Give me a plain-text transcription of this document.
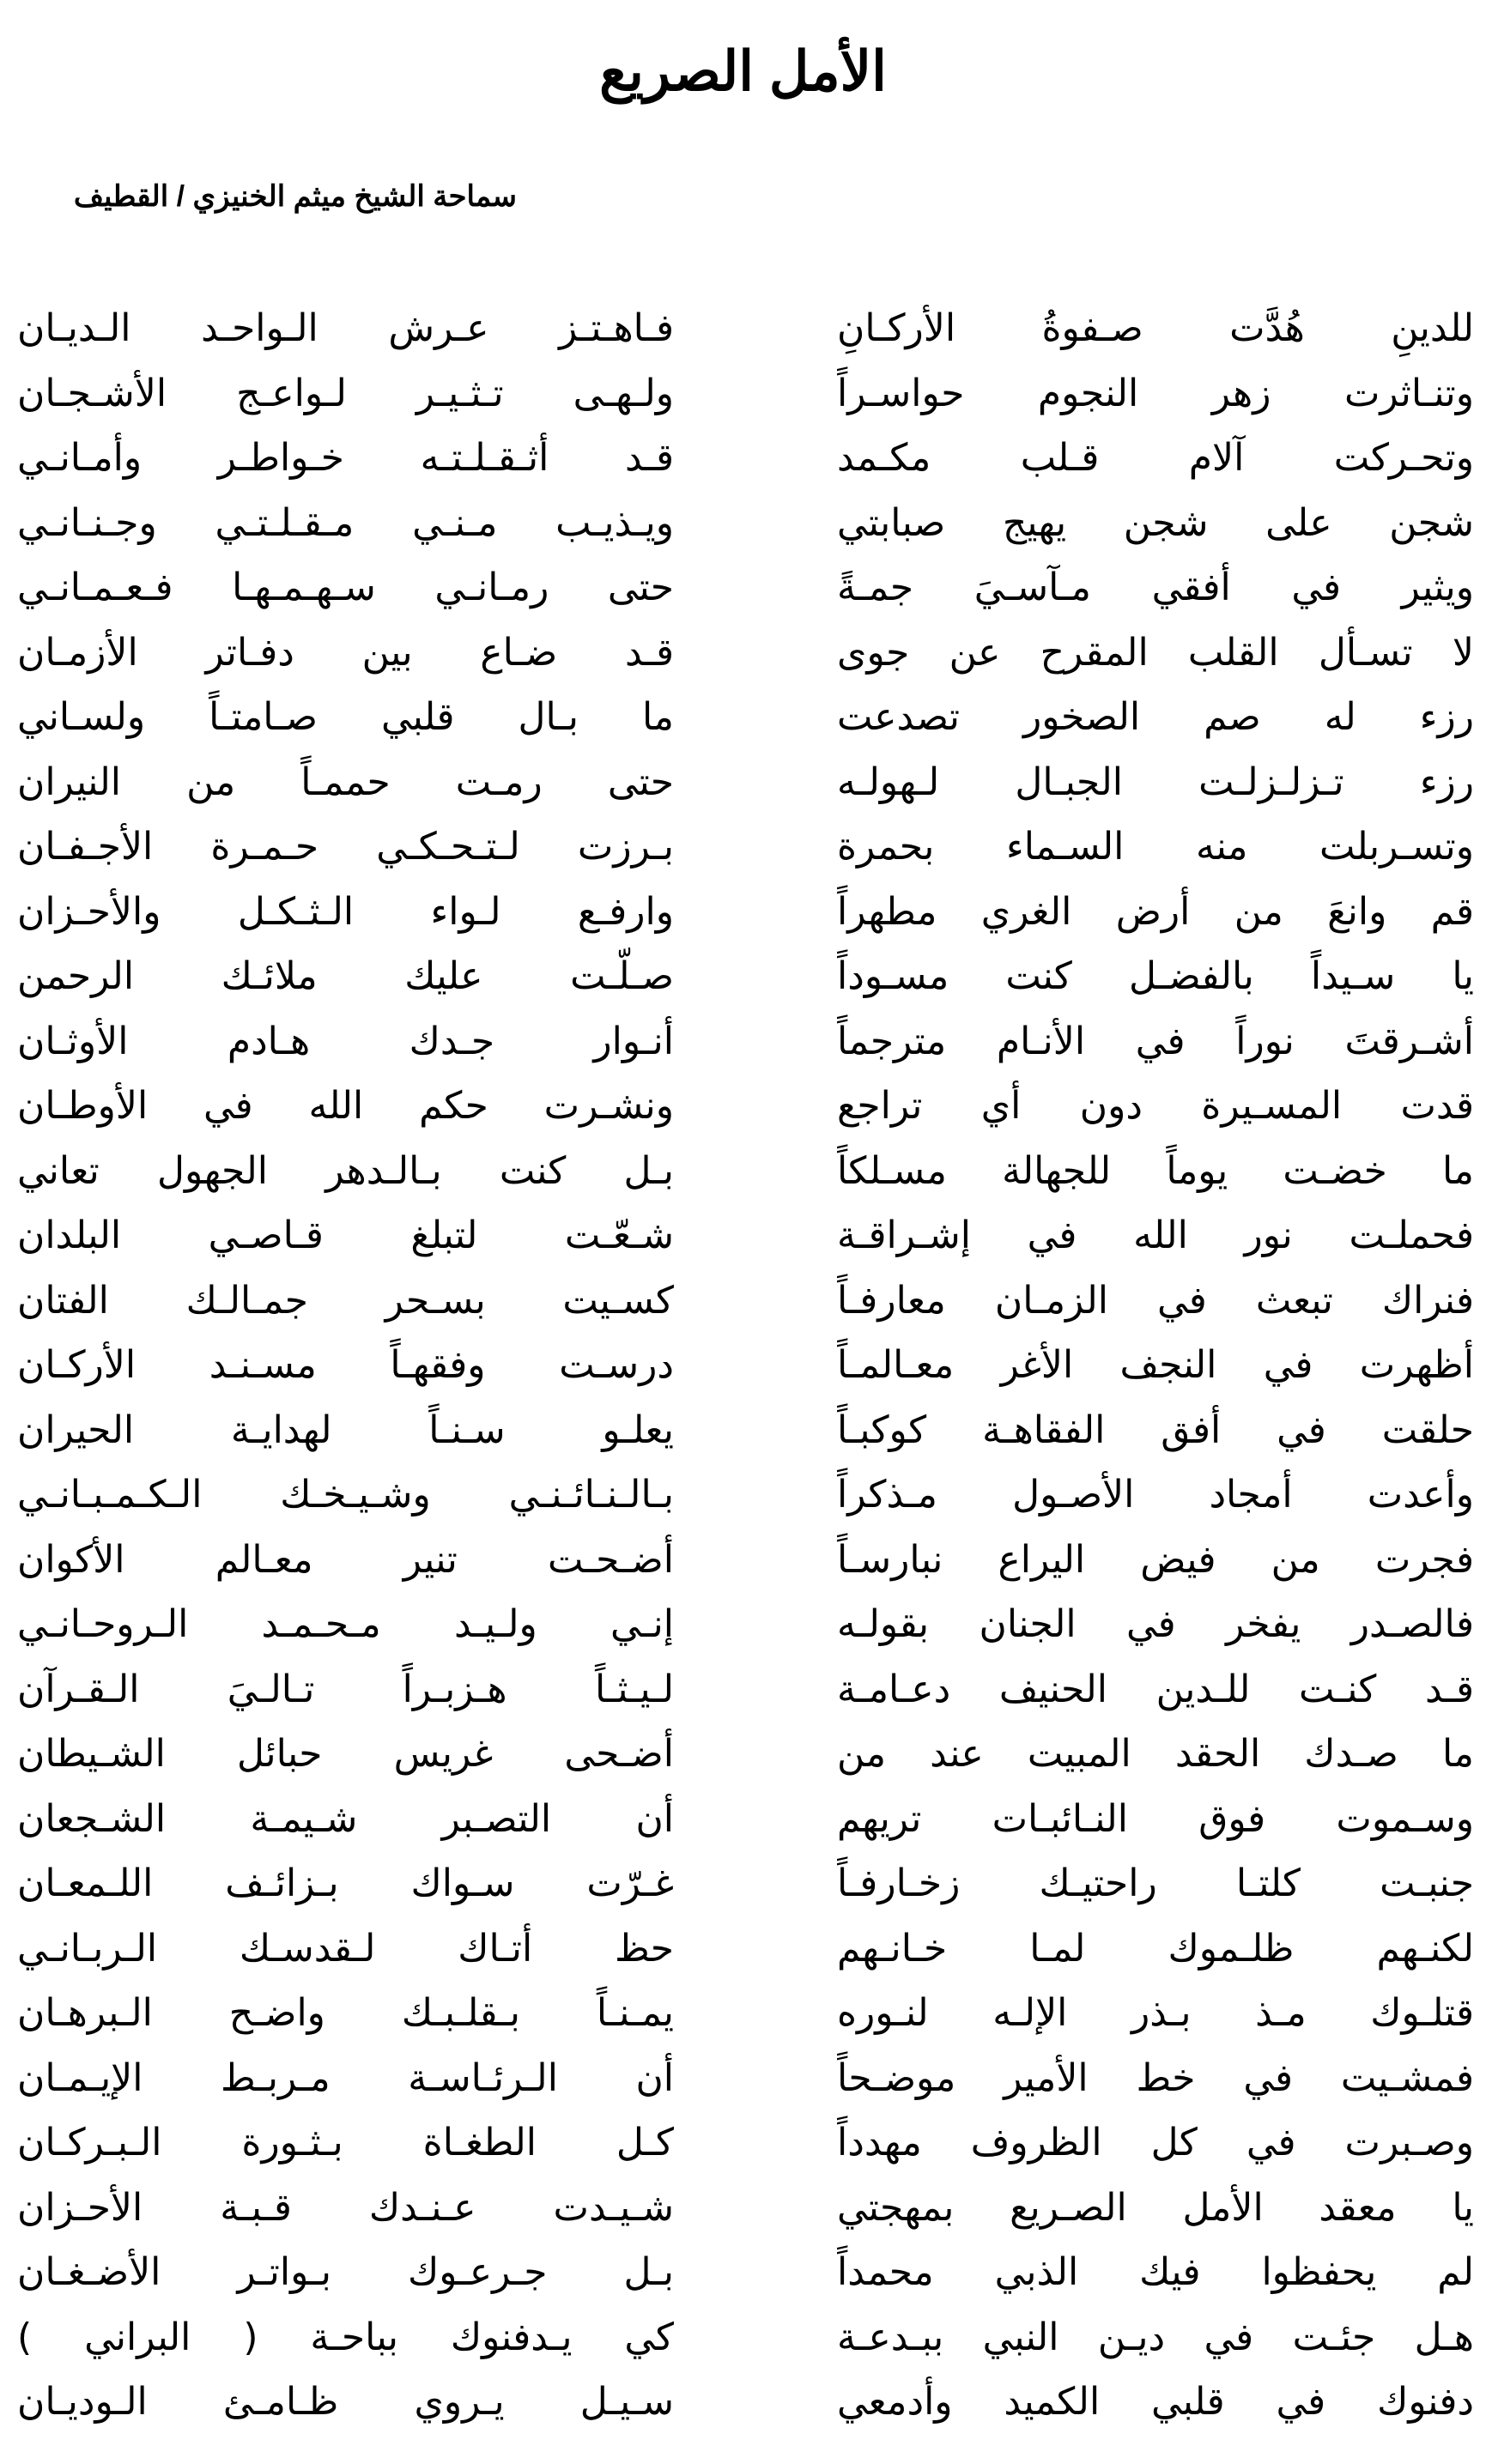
الأمل الصريع
سماحة الشيخ ميثم الخنيزي / القطيف
للدينِ هُدَّت صـفوةُ الأركـانِ
وتنـاثرت زهر النجوم حواسـراً
وتحـركت آلام قـلب مكـمد
شجن على شجن يهيج صبابتي
ويثير في أفقي مـآسـيَ جمـةً
لا تسـأل القلب المقرح عن جوى
رزء له صم الصخور تصدعت
رزء تـزلـزلـت الجبـال لـهولـه
وتسـربلت منه السـماء بحمرة
قم وانعَ من أرض الغري مطهراً
يا سـيداً بالفضـل كنت مسـوداً
أشـرقتَ نوراً في الأنـام مترجماً
قدت المسـيرة دون أي تراجع
ما خضـت يوماً للجهالة مسـلكاً
فحملـت نور الله في إشـراقـة
فنراك تبعث في الزمـان معارفـاً
أظهرت في النجف الأغر معـالمـاً
حلقت في أفق الفقاهـة كوكبـاً
وأعدت أمجاد الأصـول مـذكراً
فجرت من فيض اليراع نبارسـاً
فالصـدر يفخر في الجنان بقولـه
قـد كنـت للـدين الحنيف دعـامـة
ما صـدك الحقد المبيت عند من
وسـموت فوق النـائبـات تريهم
جنبـت كلتـا راحتيـك زخـارفـاً
لكنـهم ظلـموك لمـا خـانـهم
قتلـوك مـذ بـذر الإلـه لنـوره
فمشـيت في خط الأمير موضـحاً
وصـبرت في كل الظروف مهدداً
يا معقد الأمل الصـريع بمهجتي
لم يحفظوا فيك الذبي محمداً
هـل جئـت في ديـن النبي ببـدعـة
دفنوك في قلبي الكميد وأدمعي
فـاهـتـز عـرش الـواحـد الـديـان
ولـهـى تـثـيـر لـواعـج الأشـجـان
قـد أثـقـلـتـه خـواطـر وأمـانـي
ويـذيـب مـنـي مـقـلـتـي وجـنـانـي
حتى رمـانـي سـهـمـهـا فـعـمـانـي
قـد ضـاع بين دفـاتر الأزمـان
ما بـال قلبي صـامتـاً ولسـاني
حتى رمـت حممـاً من النيران
بـرزت لـتـحـكـي حـمـرة الأجـفـان
وارفـع لـواء الـثـكـل والأحـزان
صـلّـت عليك ملائـك الرحمن
أنـوار جـدك هـادم الأوثـان
ونشـرت حكم الله في الأوطـان
بـل كنت بـالـدهر الجهول تعاني
شـعّـت لتبلغ قـاصـي البلدان
كسـيت بسـحر جمـالـك الفتان
درسـت وفقهـاً مسـنـد الأركـان
يعلـو سـنـاً لهدايـة الحيران
بـالـنـائـنـي وشـيـخـك الـكـمـبـانـي
أضـحـت تنير معـالم الأكوان
إنـي ولـيـد مـحـمـد الـروحـانـي
لـيـثـاً هـزبـراً تـالـيَ الـقـرآن
أضـحى غريس حبائل الشـيطان
أن التصـبر شـيمـة الشـجعان
غـرّت سـواك بـزائـف اللـمعـان
حظ أتـاك لـقدسـك الـربـانـي
يمـنـاً بـقلـبـك واضـح الـبرهـان
أن الـرئـاسـة مـربـط الإيـمـان
كـل الطغـاة بـثـورة الـبـركـان
شـيـدت عـنـدك قـبـة الأحـزان
بـل جـرعـوك بـواتـر الأضـغـان
كي يـدفنوك بباحـة ( البراني )
سـيـل يـروي ظـامـئ الـوديـان
